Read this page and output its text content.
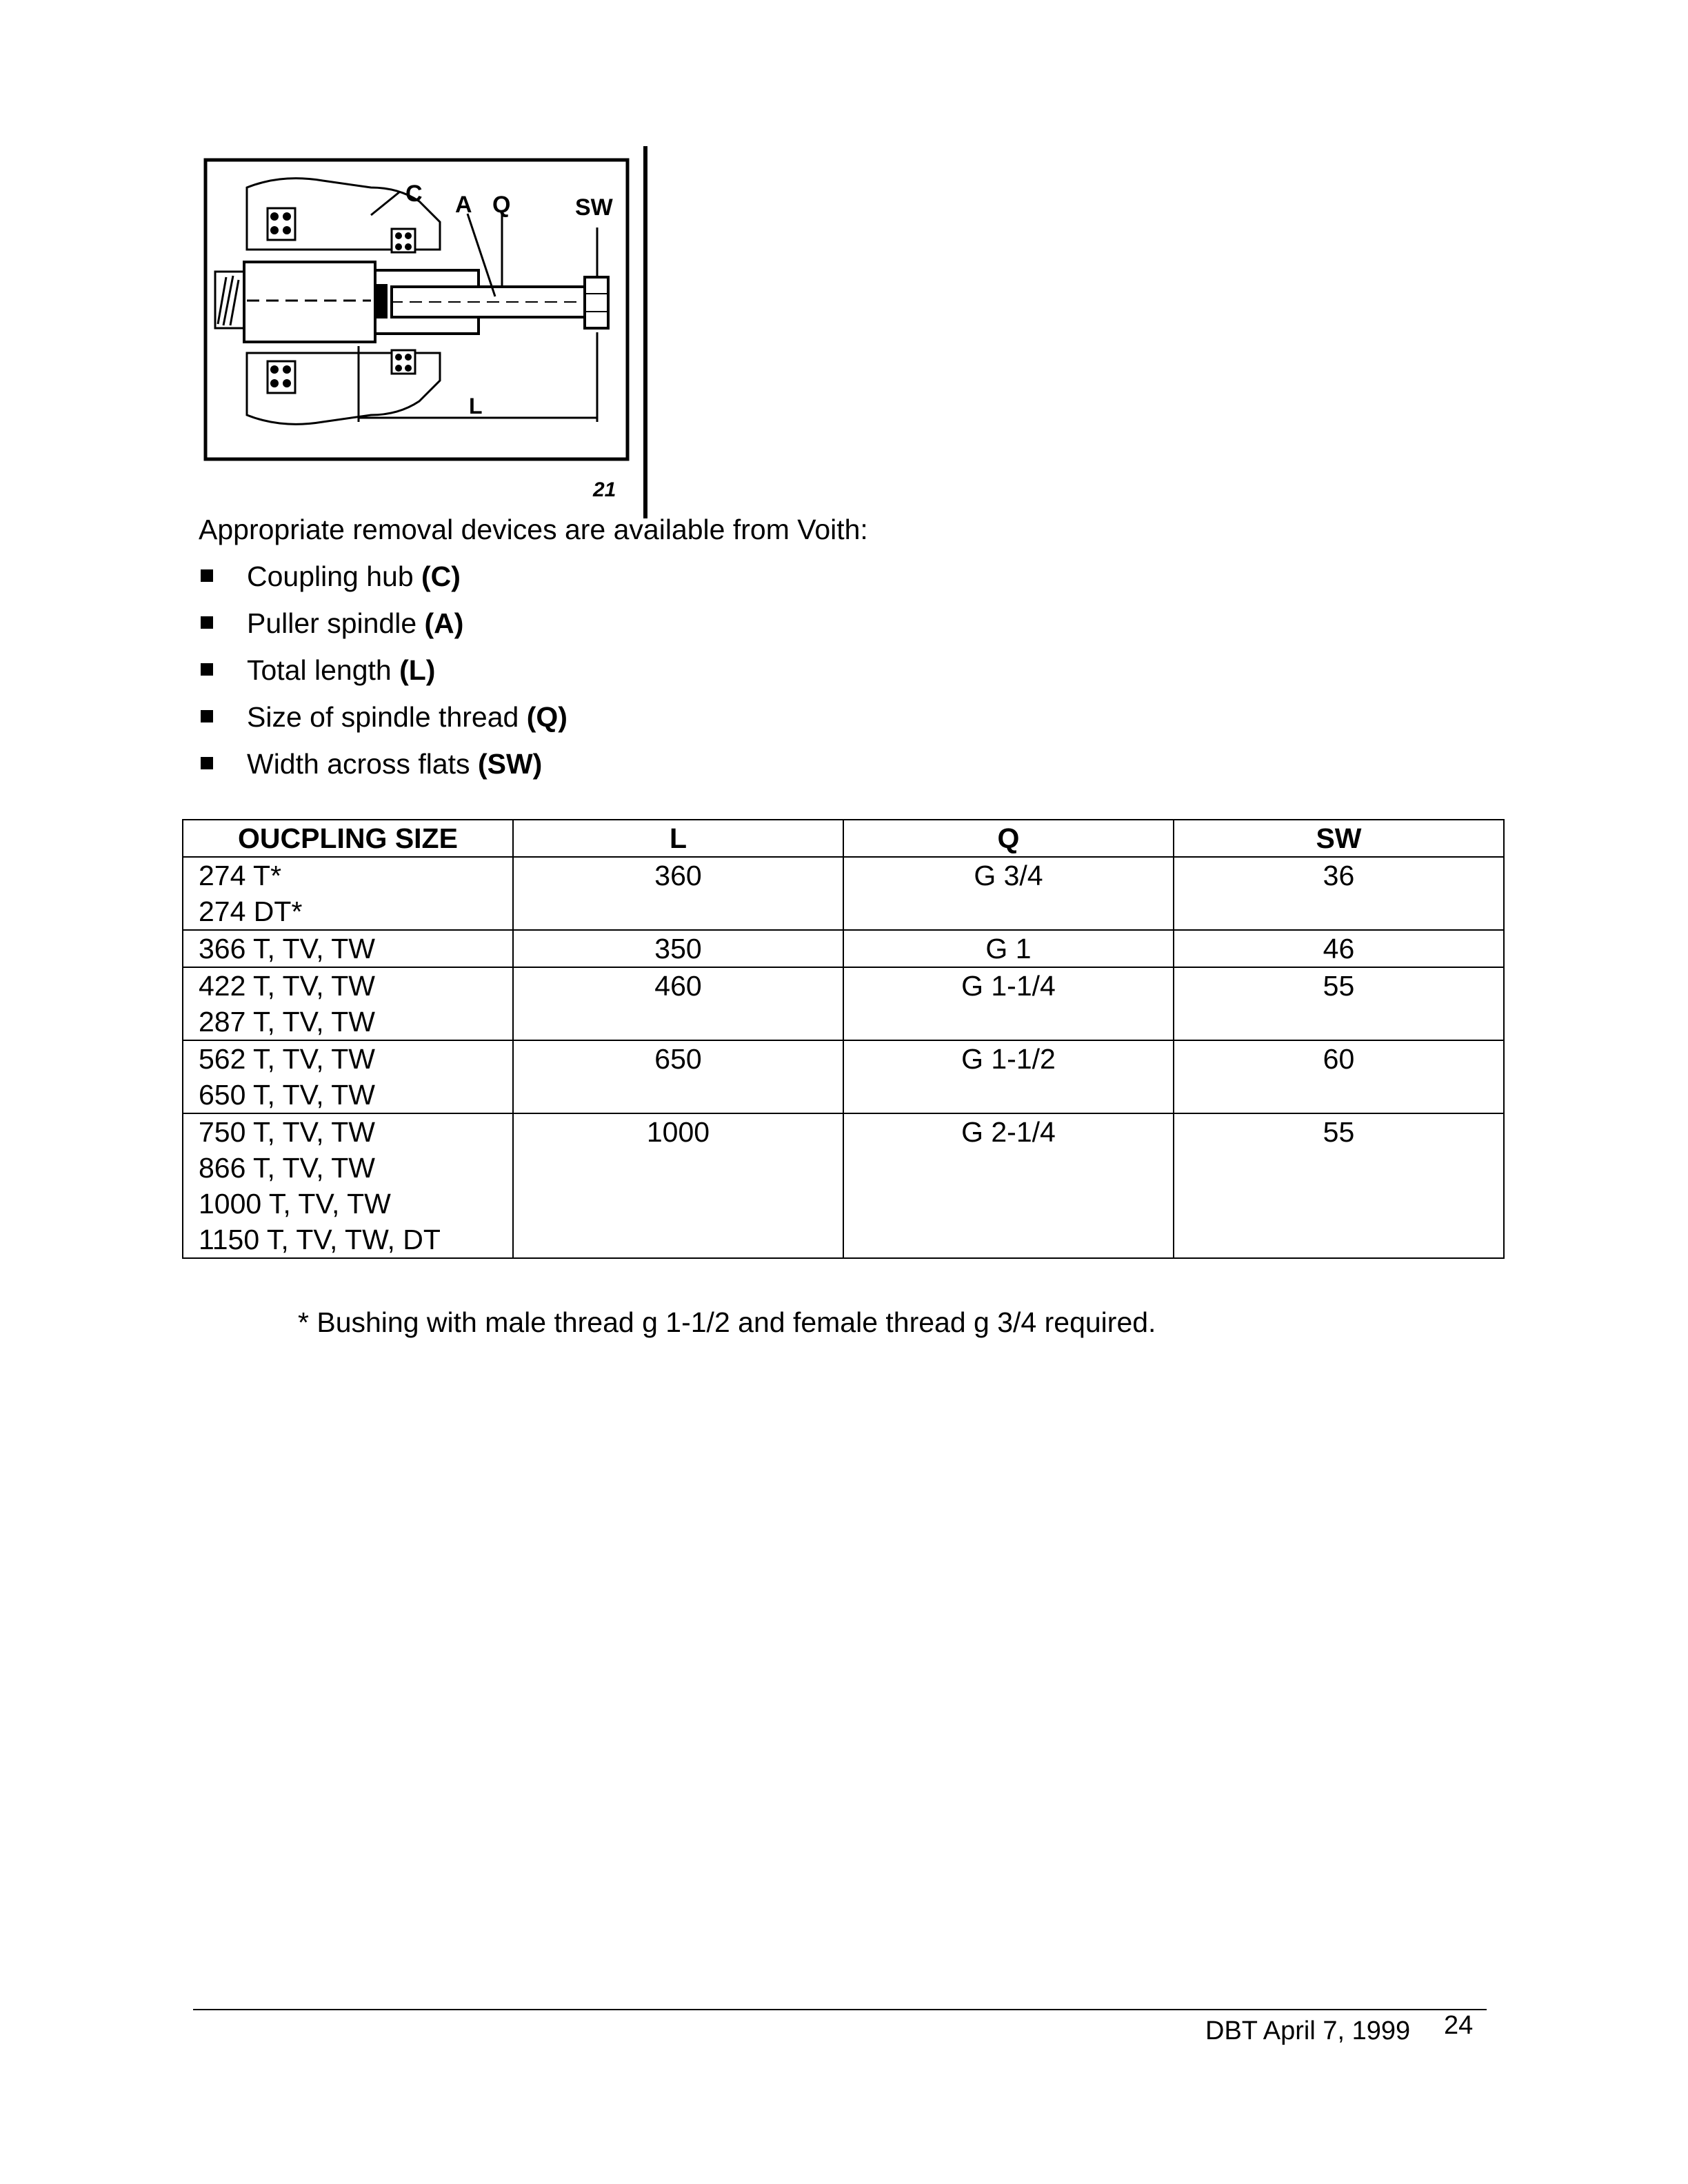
C A Q	SW
L
21

Appropriate removal devices are available from Voith:

Coupling hub (C)
Puller spindle (A)
Total length (L)
Size of spindle thread (Q)
Width across flats (SW)
OUCPLING SIZE	L	Q	SW

274 T*
274 DT*	360	G 3/4	36

366 T, TV, TW	350	G 1	46

422 T, TV, TW
287 T, TV, TW	460	G 1-1/4	55

562 T, TV, TW
650 T, TV, TW	650	G 1-1/2	60

750 T, TV, TW
866 T, TV, TW
1000 T, TV, TW
1150 T, TV, TW, DT	1000	G 2-1/4	55

* Bushing with male thread g 1-1/2 and female thread g 3/4 required.

DBT April 7, 1999 24
